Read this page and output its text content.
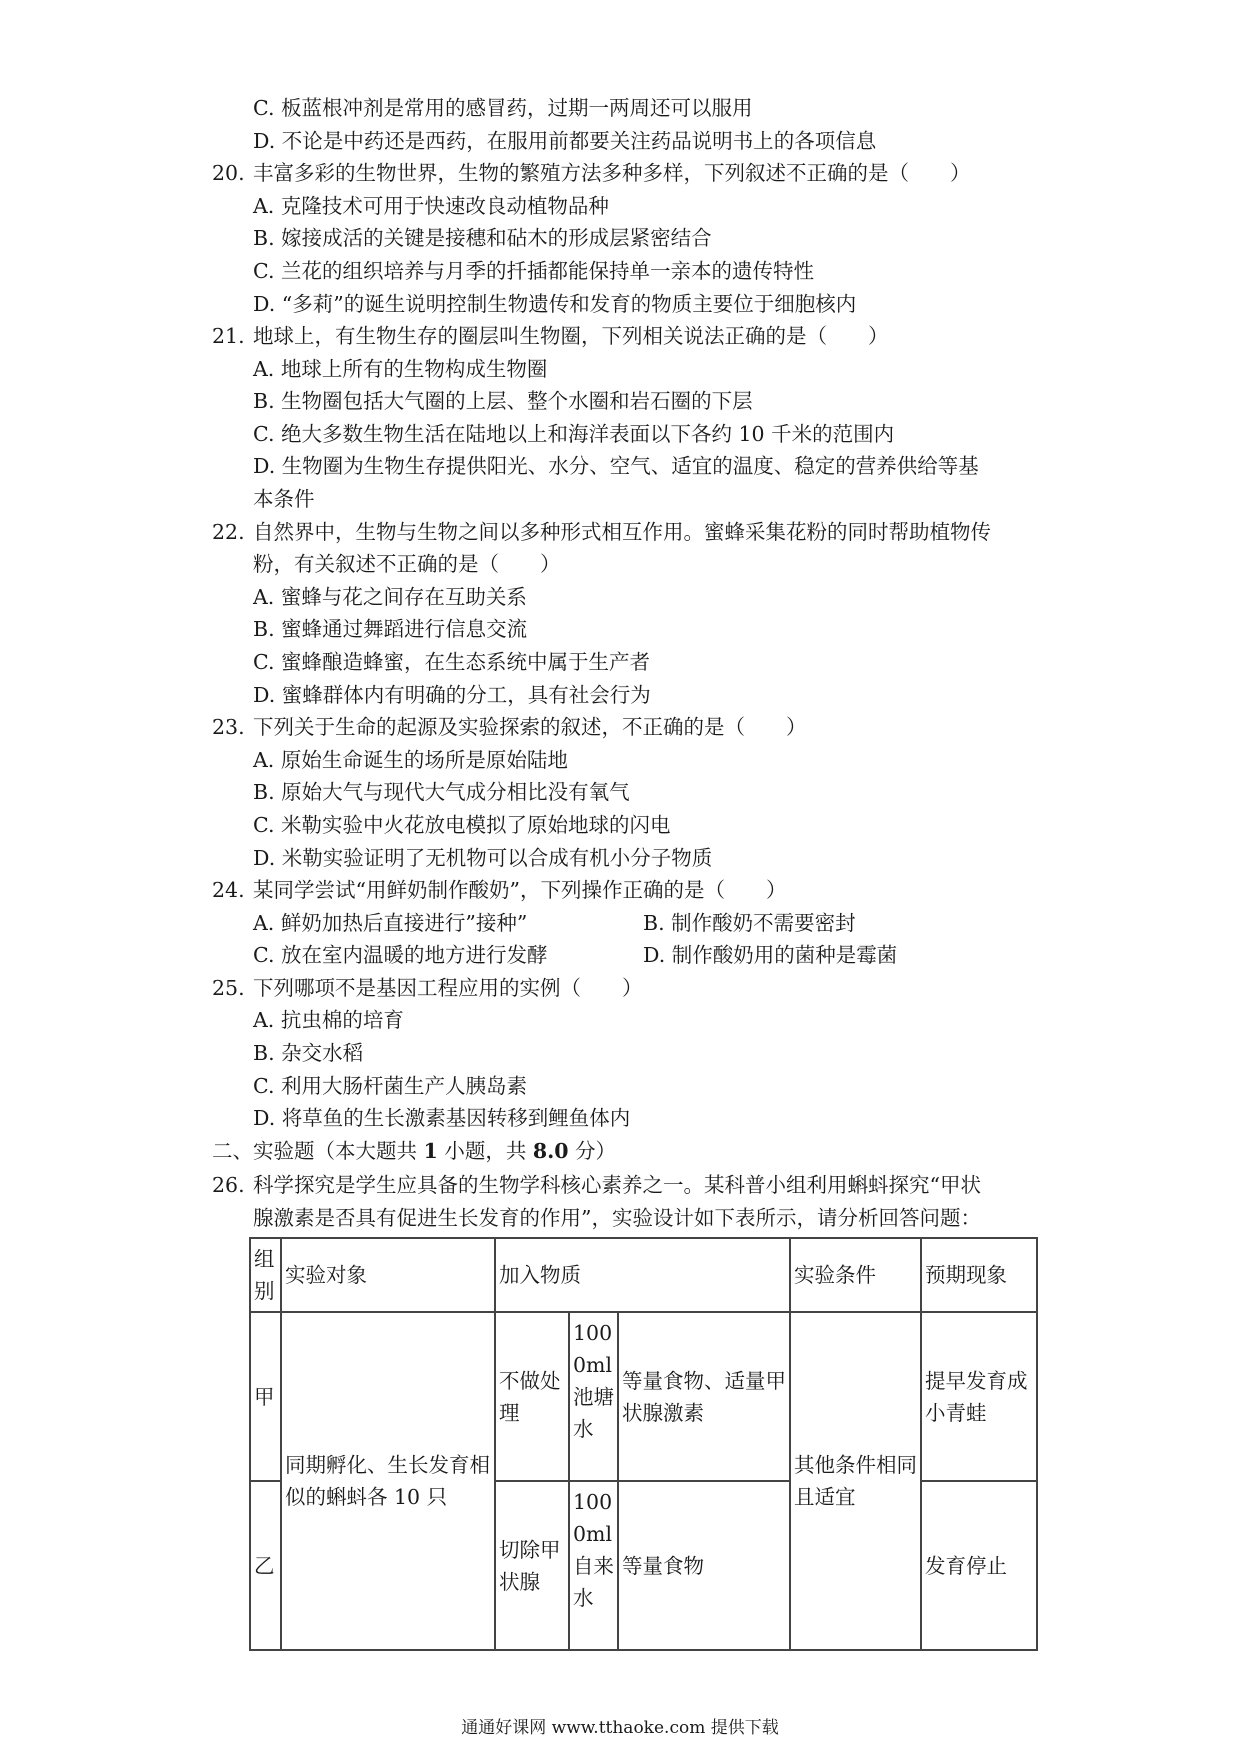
C. 板蓝根冲剂是常用的感冒药，过期一两周还可以服用
D. 不论是中药还是西药，在服用前都要关注药品说明书上的各项信息
20. 丰富多彩的生物世界，生物的繁殖方法多种多样，下列叙述不正确的是（　　）
A. 克隆技术可用于快速改良动植物品种
B. 嫁接成活的关键是接穗和砧木的形成层紧密结合
C. 兰花的组织培养与月季的扦插都能保持单一亲本的遗传特性
D. “多莉”的诞生说明控制生物遗传和发育的物质主要位于细胞核内
21. 地球上，有生物生存的圈层叫生物圈，下列相关说法正确的是（　　）
A. 地球上所有的生物构成生物圈
B. 生物圈包括大气圈的上层、整个水圈和岩石圈的下层
C. 绝大多数生物生活在陆地以上和海洋表面以下各约 10 千米的范围内
D. 生物圈为生物生存提供阳光、水分、空气、适宜的温度、稳定的营养供给等基
本条件
22. 自然界中，生物与生物之间以多种形式相互作用。蜜蜂采集花粉的同时帮助植物传
粉，有关叙述不正确的是（　　）
A. 蜜蜂与花之间存在互助关系
B. 蜜蜂通过舞蹈进行信息交流
C. 蜜蜂酿造蜂蜜，在生态系统中属于生产者
D. 蜜蜂群体内有明确的分工，具有社会行为
23. 下列关于生命的起源及实验探索的叙述，不正确的是（　　）
A. 原始生命诞生的场所是原始陆地
B. 原始大气与现代大气成分相比没有氧气
C. 米勒实验中火花放电模拟了原始地球的闪电
D. 米勒实验证明了无机物可以合成有机小分子物质
24. 某同学尝试“用鲜奶制作酸奶”，下列操作正确的是（　　）
A. 鲜奶加热后直接进行”接种”	B. 制作酸奶不需要密封
C. 放在室内温暖的地方进行发酵	D. 制作酸奶用的菌种是霉菌
25. 下列哪项不是基因工程应用的实例（　　）
A. 抗虫棉的培育
B. 杂交水稻
C. 利用大肠杆菌生产人胰岛素
D. 将草鱼的生长激素基因转移到鲤鱼体内
二、实验题（本大题共 1 小题，共 8.0 分）
26. 科学探究是学生应具备的生物学科核心素养之一。某科普小组利用蝌蚪探究“甲状
腺激素是否具有促进生长发育的作用”，实验设计如下表所示，请分析回答问题：
组别	实验对象	加入物质			实验条件	预期现象
甲	同期孵化、生长发育相似的蝌蚪各 10 只	不做处理	1000ml池塘水	等量食物、适量甲状腺激素	其他条件相同且适宜	提早发育成小青蛙
乙		切除甲状腺	1000ml自来水	等量食物		发育停止
通通好课网 www.tthaoke.com 提供下载
